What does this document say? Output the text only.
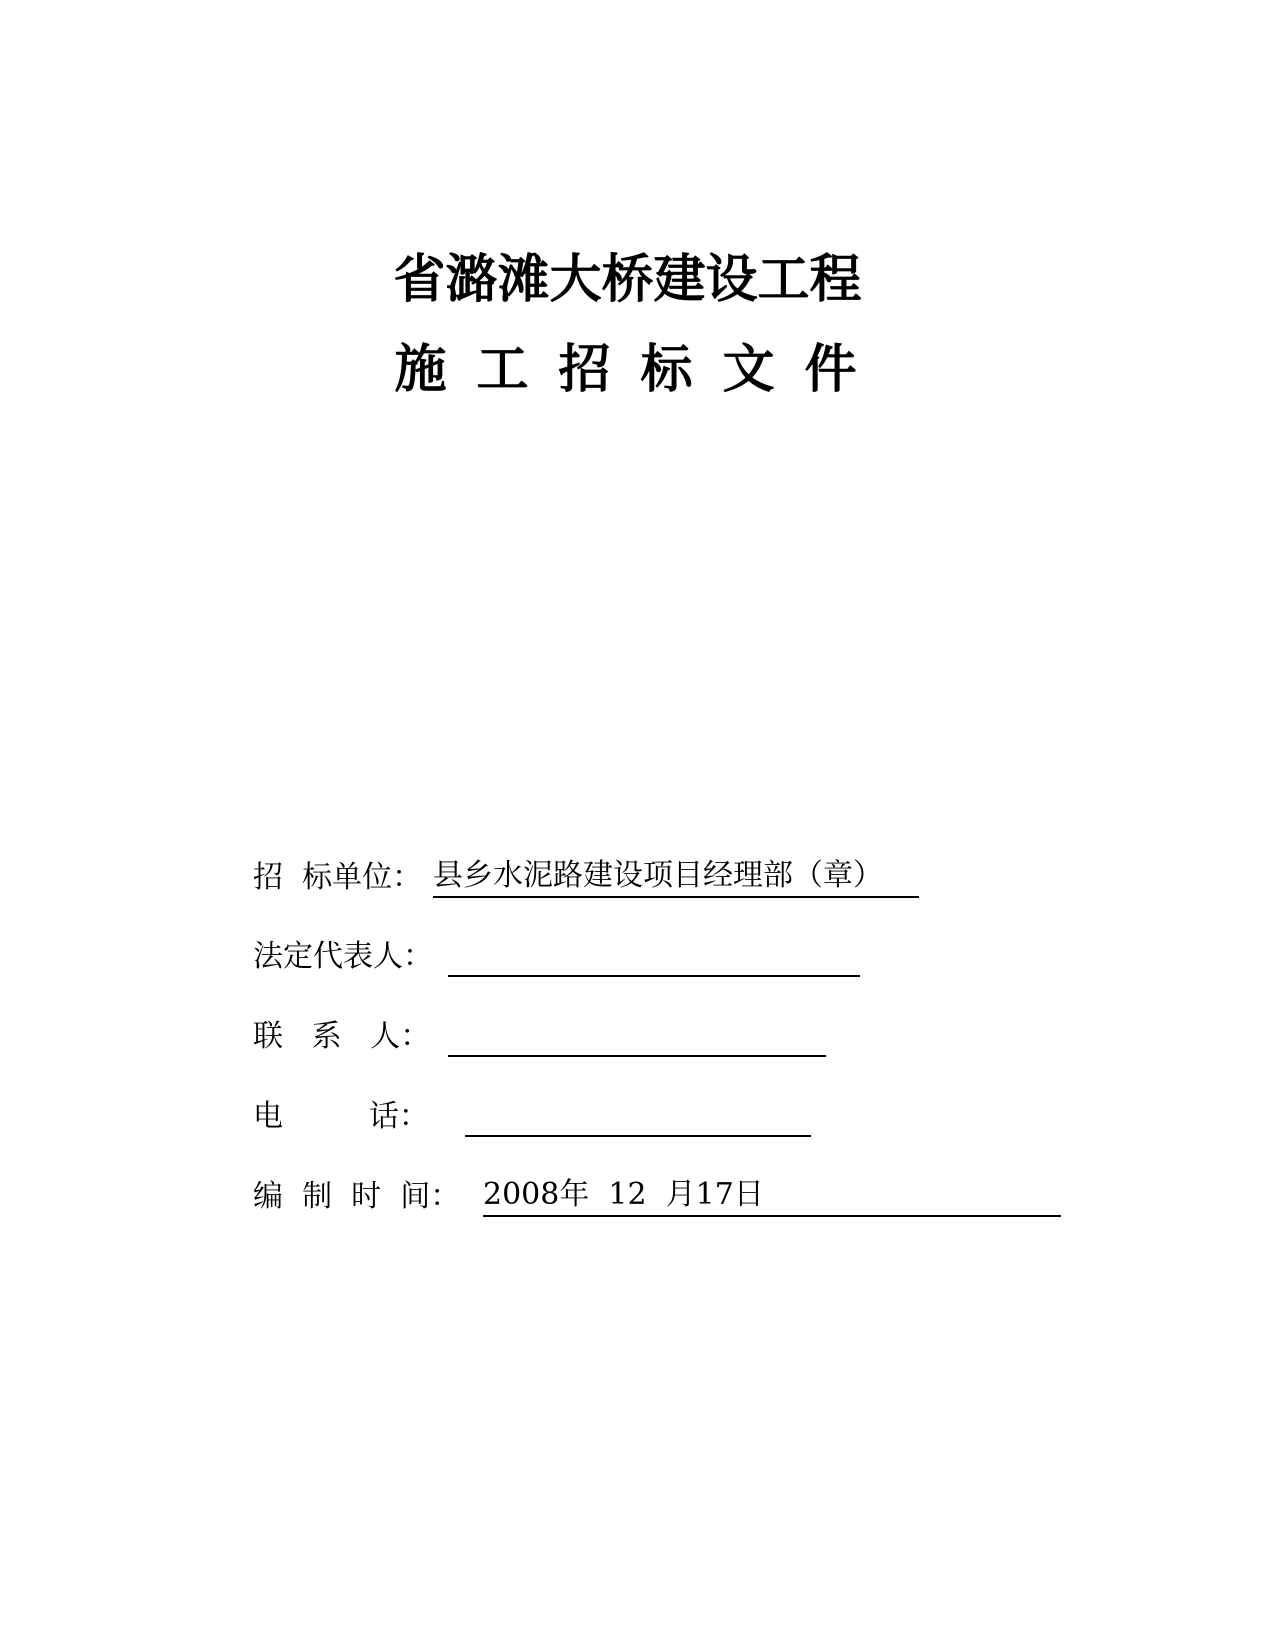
省潞滩大桥建设工程
施 工 招 标 文 件
招  标单位： 县乡水泥路建设项目经理部（章）
法定代表人：
联   系   人：
电         话：
编  制  时  间： 2008年  12  月17日
